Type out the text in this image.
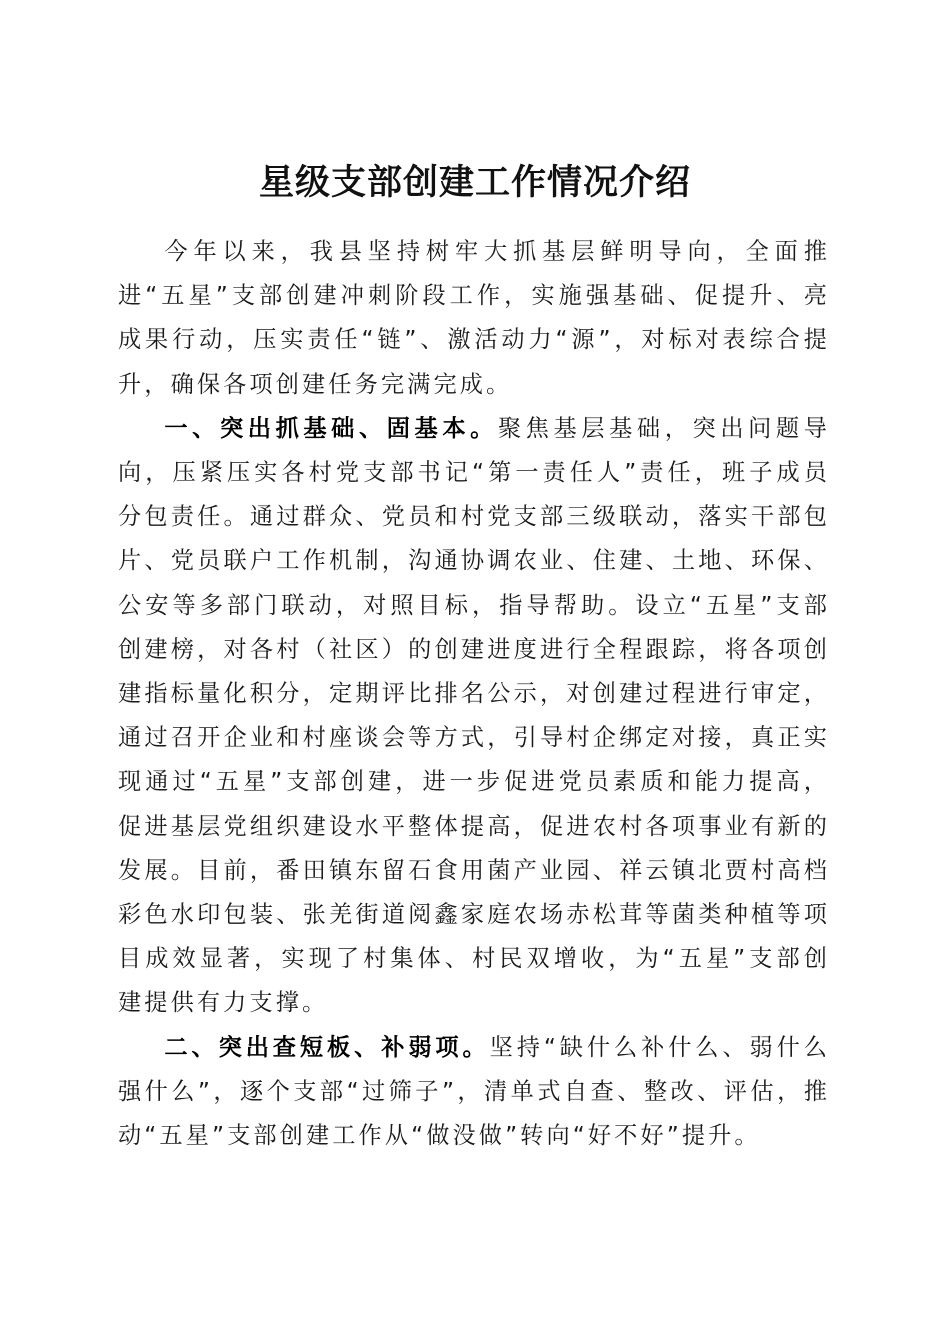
星级支部创建工作情况介绍

今年以来，我县坚持树牢大抓基层鲜明导向，全面推进“五星”支部创建冲刺阶段工作，实施强基础、促提升、亮成果行动，压实责任“链”、激活动力“源”，对标对表综合提升，确保各项创建任务完满完成。

一、突出抓基础、固基本。聚焦基层基础，突出问题导向，压紧压实各村党支部书记“第一责任人”责任，班子成员分包责任。通过群众、党员和村党支部三级联动，落实干部包片、党员联户工作机制，沟通协调农业、住建、土地、环保、公安等多部门联动，对照目标，指导帮助。设立“五星”支部创建榜，对各村（社区）的创建进度进行全程跟踪，将各项创建指标量化积分，定期评比排名公示，对创建过程进行审定，通过召开企业和村座谈会等方式，引导村企绑定对接，真正实现通过“五星”支部创建，进一步促进党员素质和能力提高，促进基层党组织建设水平整体提高，促进农村各项事业有新的发展。目前，番田镇东留石食用菌产业园、祥云镇北贾村高档彩色水印包装、张羌街道阅鑫家庭农场赤松茸等菌类种植等项目成效显著，实现了村集体、村民双增收，为“五星”支部创建提供有力支撑。

二、突出查短板、补弱项。坚持“缺什么补什么、弱什么强什么”，逐个支部“过筛子”，清单式自查、整改、评估，推动“五星”支部创建工作从“做没做”转向“好不好”提升。
